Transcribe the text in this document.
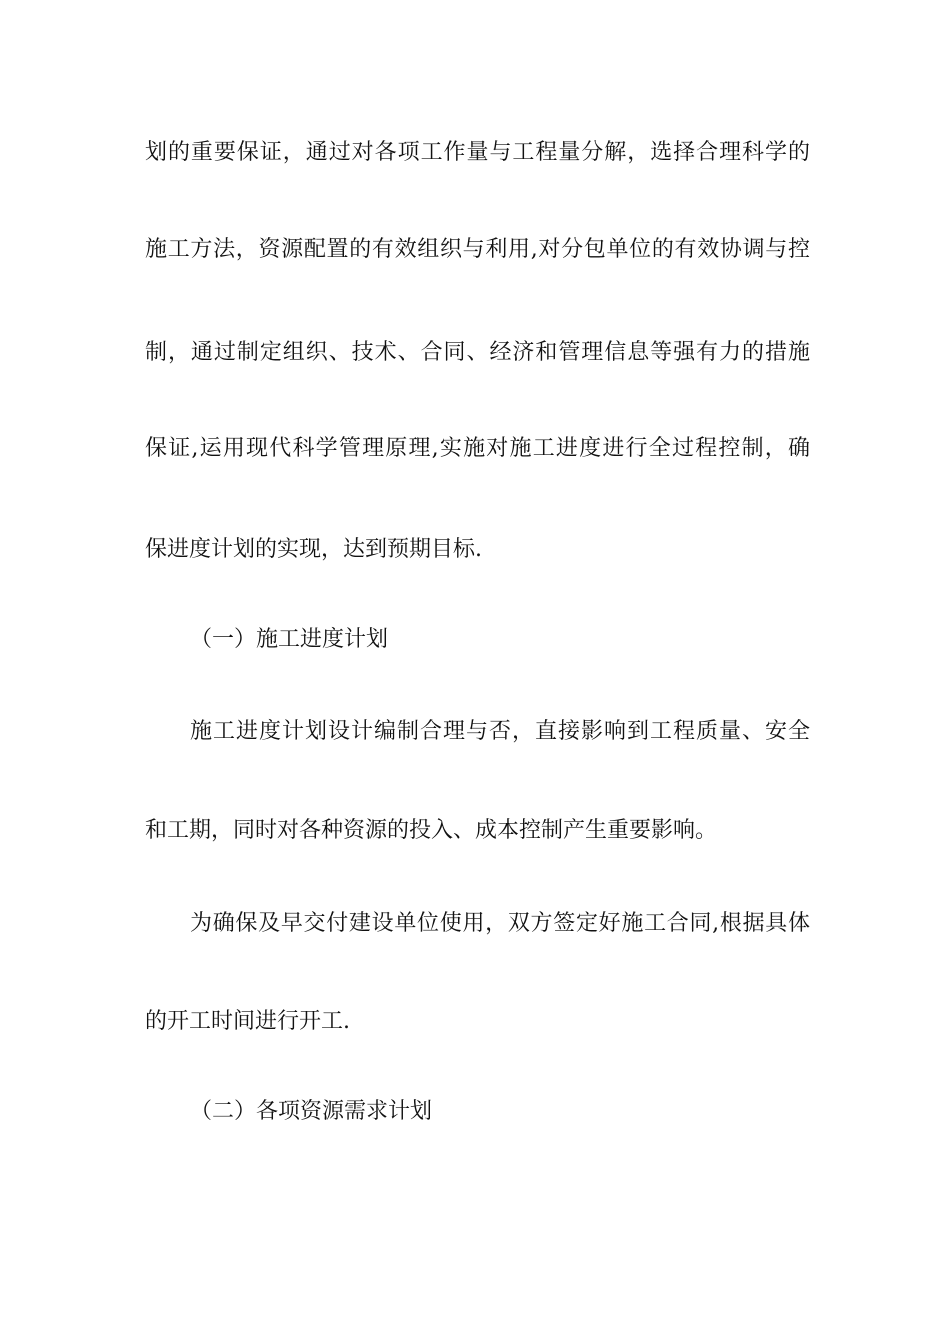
划的重要保证，通过对各项工作量与工程量分解，选择合理科学的
施工方法，资源配置的有效组织与利用,对分包单位的有效协调与控
制，通过制定组织、技术、合同、经济和管理信息等强有力的措施
保证,运用现代科学管理原理,实施对施工进度进行全过程控制，确
保进度计划的实现，达到预期目标.
（一）施工进度计划
施工进度计划设计编制合理与否，直接影响到工程质量、安全
和工期，同时对各种资源的投入、成本控制产生重要影响。
为确保及早交付建设单位使用，双方签定好施工合同,根据具体
的开工时间进行开工.
（二）各项资源需求计划
